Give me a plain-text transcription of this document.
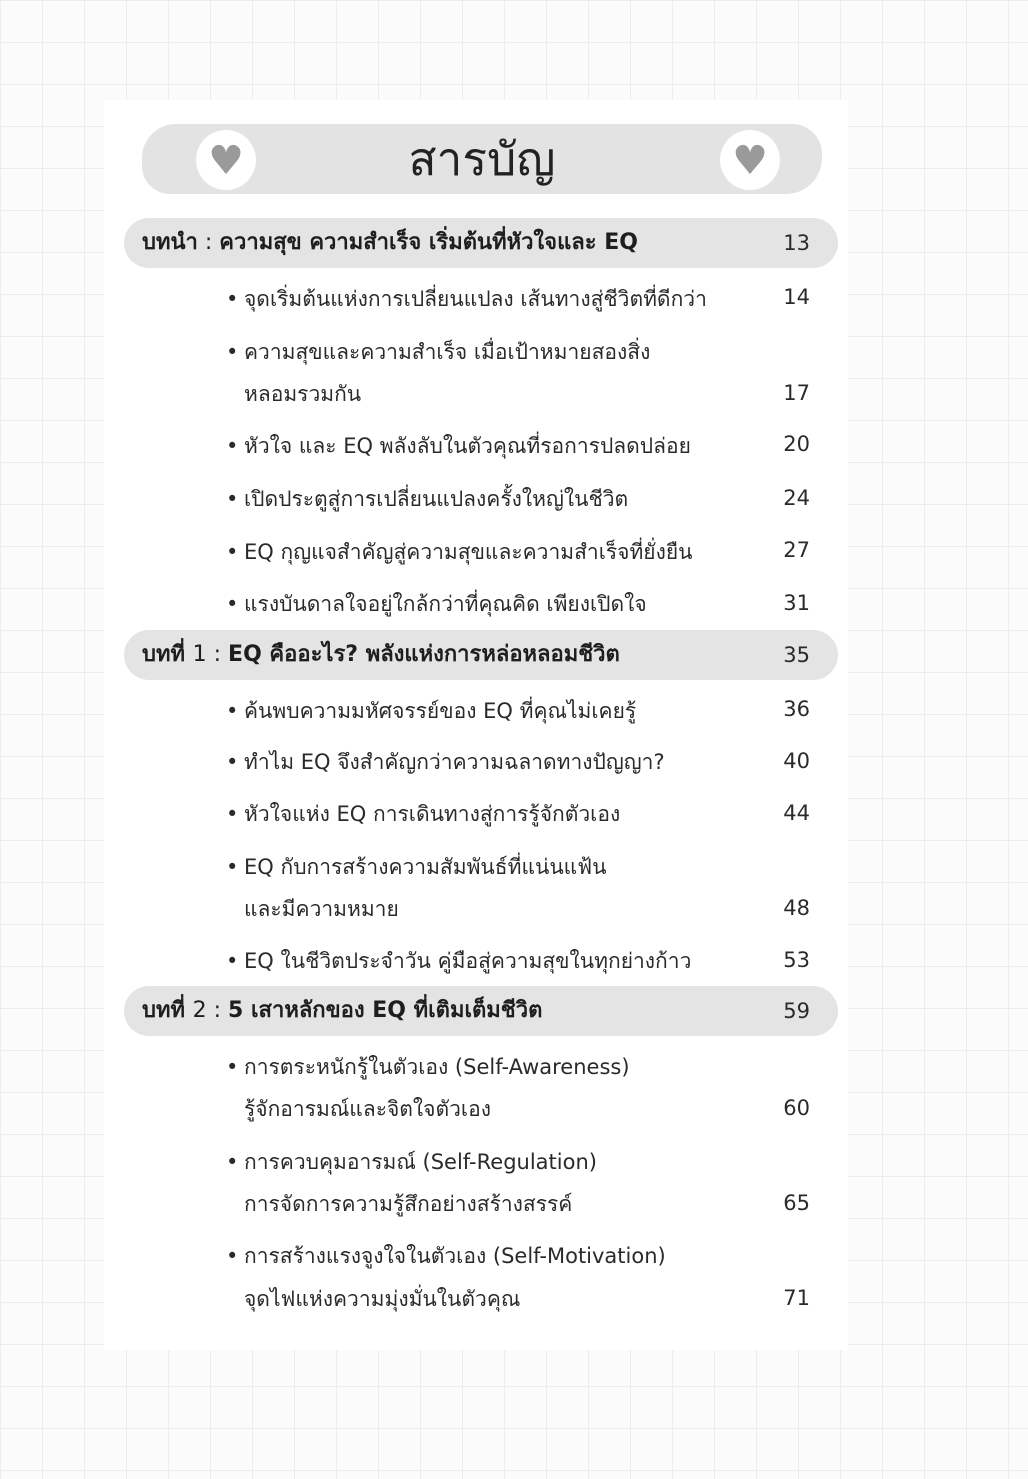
♥	♥
สารบัญ
บทนำ : ความสุข ความสำเร็จ เริ่มต้นที่หัวใจและ EQ	13
• จุดเริ่มต้นแห่งการเปลี่ยนแปลง เส้นทางสู่ชีวิตที่ดีกว่า	14
• ความสุขและความสำเร็จ เมื่อเป้าหมายสองสิ่ง
หลอมรวมกัน	17
• หัวใจ และ EQ พลังลับในตัวคุณที่รอการปลดปล่อย	20
• เปิดประตูสู่การเปลี่ยนแปลงครั้งใหญ่ในชีวิต	24
• EQ กุญแจสำคัญสู่ความสุขและความสำเร็จที่ยั่งยืน	27
• แรงบันดาลใจอยู่ใกล้กว่าที่คุณคิด เพียงเปิดใจ	31
บทที่ 1 : EQ คืออะไร? พลังแห่งการหล่อหลอมชีวิต	35
• ค้นพบความมหัศจรรย์ของ EQ ที่คุณไม่เคยรู้	36
• ทำไม EQ จึงสำคัญกว่าความฉลาดทางปัญญา?	40
• หัวใจแห่ง EQ การเดินทางสู่การรู้จักตัวเอง	44
• EQ กับการสร้างความสัมพันธ์ที่แน่นแฟ้น
และมีความหมาย	48
• EQ ในชีวิตประจำวัน คู่มือสู่ความสุขในทุกย่างก้าว	53
บทที่ 2 : 5 เสาหลักของ EQ ที่เติมเต็มชีวิต	59
• การตระหนักรู้ในตัวเอง (Self-Awareness)
รู้จักอารมณ์และจิตใจตัวเอง	60
• การควบคุมอารมณ์ (Self-Regulation)
การจัดการความรู้สึกอย่างสร้างสรรค์	65
• การสร้างแรงจูงใจในตัวเอง (Self-Motivation)
จุดไฟแห่งความมุ่งมั่นในตัวคุณ	71
